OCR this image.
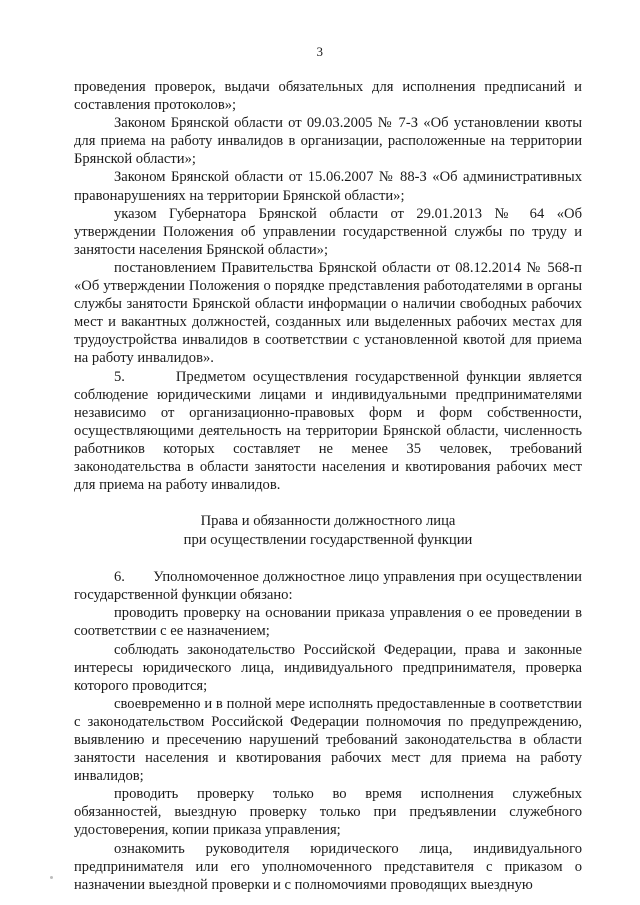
3

проведения проверок, выдачи обязательных для исполнения предписаний и составления протоколов»;

Законом Брянской области от 09.03.2005 № 7-З «Об установлении квоты для приема на работу инвалидов в организации, расположенные на территории Брянской области»;

Законом Брянской области от 15.06.2007 № 88-З «Об административных правонарушениях на территории Брянской области»;

указом Губернатора Брянской области от 29.01.2013 № 64 «Об утверждении Положения об управлении государственной службы по труду и занятости населения Брянской области»;

постановлением Правительства Брянской области от 08.12.2014 № 568-п «Об утверждении Положения о порядке представления работодателями в органы службы занятости Брянской области информации о наличии свободных рабочих мест и вакантных должностей, созданных или выделенных рабочих местах для трудоустройства инвалидов в соответствии с установленной квотой для приема на работу инвалидов».

5.       Предметом осуществления государственной функции является соблюдение юридическими лицами и индивидуальными предпринимателями независимо от организационно-правовых форм и форм собственности, осуществляющими деятельность на территории Брянской области, численность работников которых составляет не менее 35 человек, требований законодательства в области занятости населения и квотирования рабочих мест для приема на работу инвалидов.

Права и обязанности должностного лица

при осуществлении государственной функции

6.       Уполномоченное должностное лицо управления при осуществлении государственной функции обязано:

проводить проверку на основании приказа управления о ее проведении в соответствии с ее назначением;

соблюдать законодательство Российской Федерации, права и законные интересы юридического лица, индивидуального предпринимателя, проверка которого проводится;

своевременно и в полной мере исполнять предоставленные в соответствии с законодательством Российской Федерации полномочия по предупреждению, выявлению и пресечению нарушений требований законодательства в области занятости населения и квотирования рабочих мест для приема на работу инвалидов;

проводить проверку только во время исполнения служебных обязанностей, выездную проверку только при предъявлении служебного удостоверения, копии приказа управления;

ознакомить руководителя юридического лица, индивидуального предпринимателя или его уполномоченного представителя с приказом о назначении выездной проверки и с полномочиями проводящих выездную
